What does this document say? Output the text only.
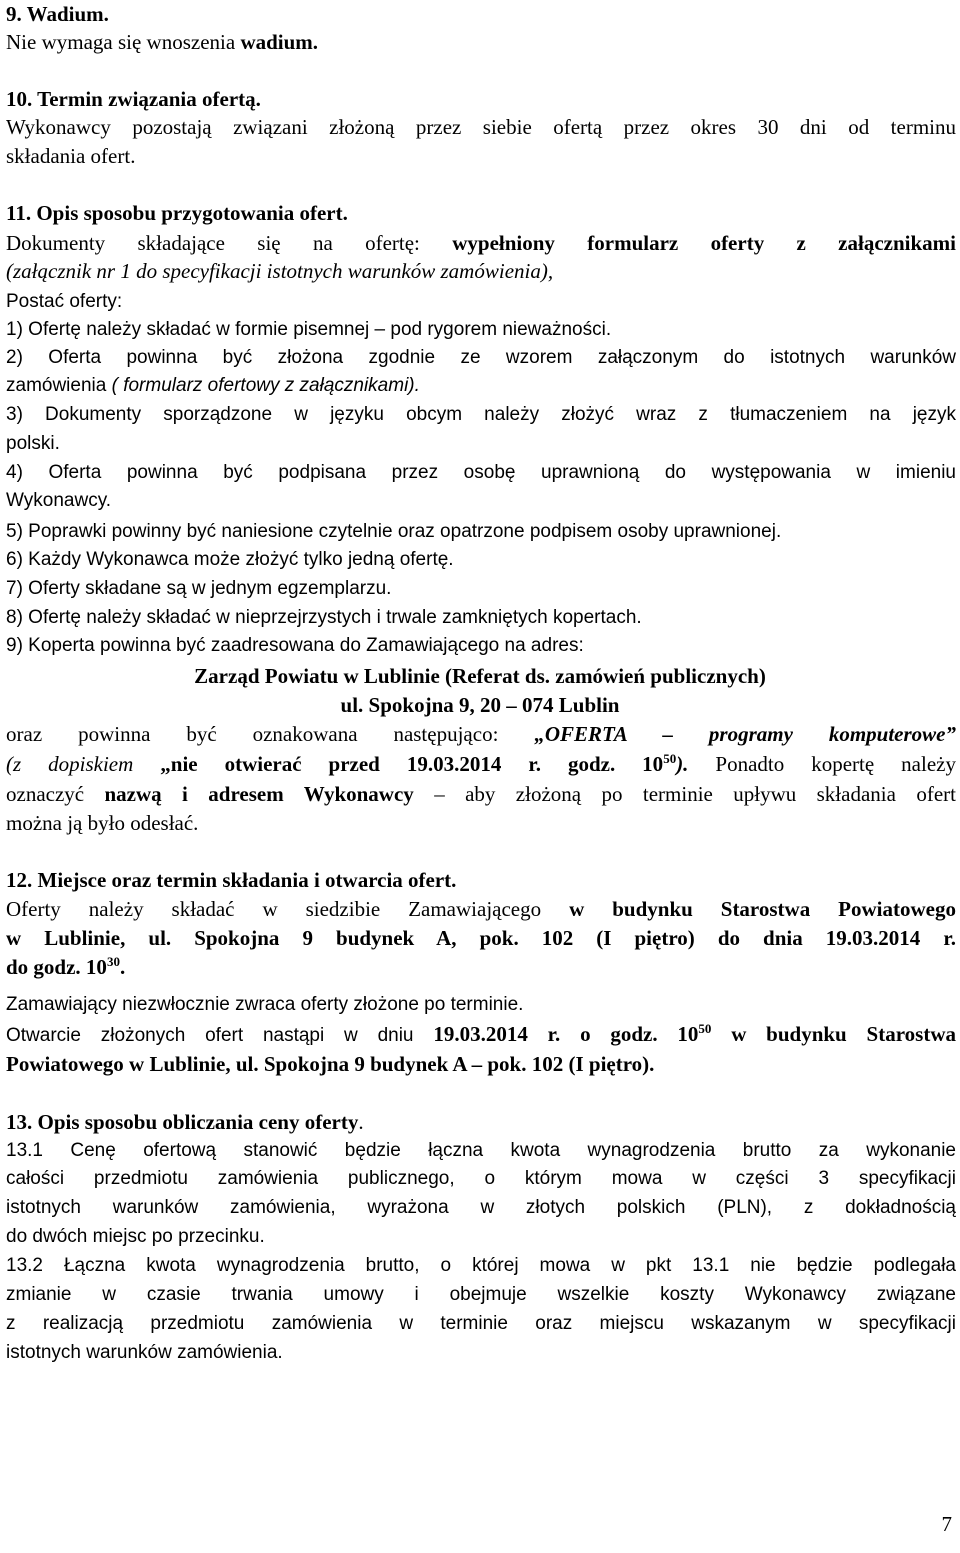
9. Wadium.
Nie wymaga się wnoszenia wadium.
10. Termin związania ofertą.
Wykonawcy pozostają związani złożoną przez siebie ofertą przez okres 30 dni od terminu
składania ofert.
11. Opis sposobu przygotowania ofert.
Dokumenty składające się na ofertę: wypełniony formularz oferty z załącznikami
(załącznik nr 1 do specyfikacji istotnych warunków zamówienia),
Postać oferty:
1) Ofertę należy składać w formie pisemnej – pod rygorem nieważności.
2) Oferta powinna być złożona zgodnie ze wzorem załączonym do istotnych warunków
zamówienia ( formularz ofertowy z załącznikami).
3) Dokumenty sporządzone w języku obcym należy złożyć wraz z tłumaczeniem na język
polski.
4) Oferta powinna być podpisana przez osobę uprawnioną do występowania w imieniu
Wykonawcy.
5) Poprawki powinny być naniesione czytelnie oraz opatrzone podpisem osoby uprawnionej.
6) Każdy Wykonawca może złożyć tylko jedną ofertę.
7) Oferty składane są w jednym egzemplarzu.
8) Ofertę należy składać w nieprzejrzystych i trwale zamkniętych kopertach.
9) Koperta powinna być zaadresowana do Zamawiającego na adres:
Zarząd Powiatu w Lublinie (Referat ds. zamówień publicznych)
ul. Spokojna 9, 20 – 074 Lublin
oraz powinna być oznakowana następująco: „OFERTA – programy komputerowe”
(z dopiskiem „nie otwierać przed 19.03.2014 r. godz. $10^{50}$). Ponadto kopertę należy
oznaczyć nazwą i adresem Wykonawcy – aby złożoną po terminie upływu składania ofert
można ją było odesłać.
12. Miejsce oraz termin składania i otwarcia ofert.
Oferty należy składać w siedzibie Zamawiającego w budynku Starostwa Powiatowego
w Lublinie, ul. Spokojna 9 budynek A, pok. 102 (I piętro) do dnia 19.03.2014 r.
do godz. $10^{30}$.
Zamawiający niezwłocznie zwraca oferty złożone po terminie.
Otwarcie złożonych ofert nastąpi w dniu 19.03.2014 r. o godz. $10^{50}$ w budynku Starostwa
Powiatowego w Lublinie, ul. Spokojna 9 budynek A – pok. 102 (I piętro).
13. Opis sposobu obliczania ceny oferty.
13.1 Cenę ofertową stanowić będzie łączna kwota wynagrodzenia brutto za wykonanie
całości przedmiotu zamówienia publicznego, o którym mowa w części 3 specyfikacji
istotnych warunków zamówienia, wyrażona w złotych polskich (PLN), z dokładnością
do dwóch miejsc po przecinku.
13.2 Łączna kwota wynagrodzenia brutto, o której mowa w pkt 13.1 nie będzie podlegała
zmianie w czasie trwania umowy i obejmuje wszelkie koszty Wykonawcy związane
z realizacją przedmiotu zamówienia w terminie oraz miejscu wskazanym w specyfikacji
istotnych warunków zamówienia.
7
